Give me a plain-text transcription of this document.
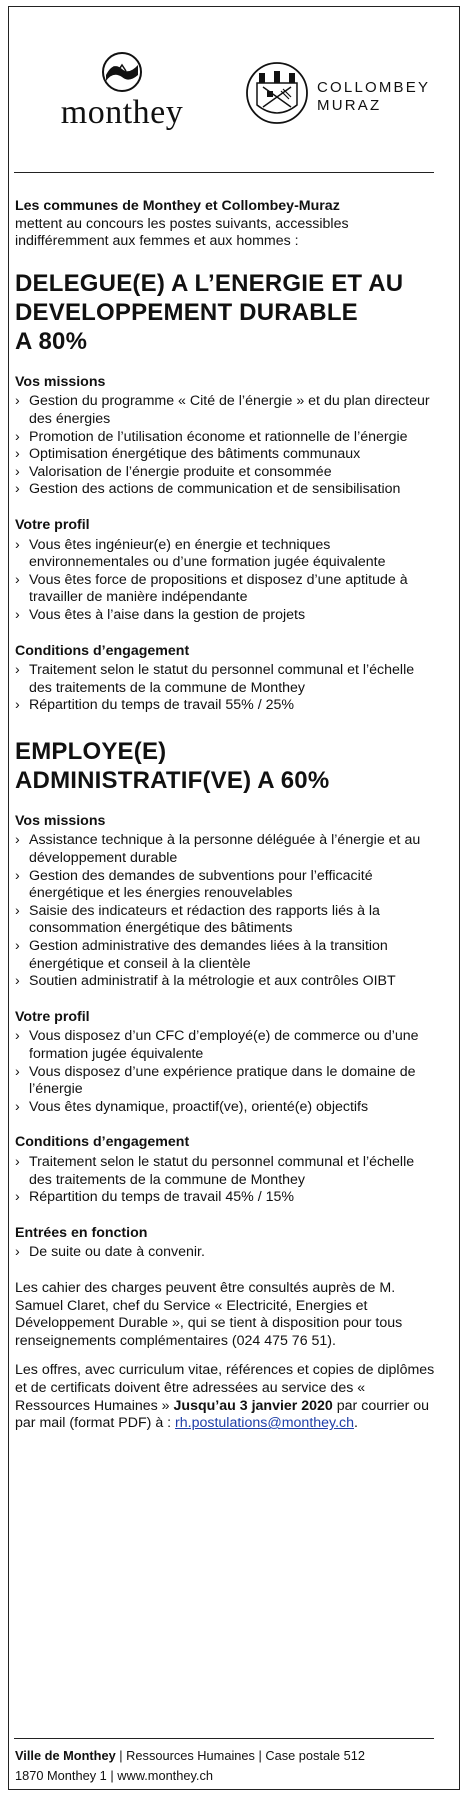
monthey
COLLOMBEY
MURAZ

Les communes de Monthey et Collombey-Muraz

mettent au concours les postes suivants, accessibles

indifféremment aux femmes et aux hommes :

DELEGUE(E) A L’ENERGIE ET AU
DEVELOPPEMENT DURABLE
A 80%
Vos missions
› Gestion du programme « Cité de l’énergie » et du plan directeur des énergies
› Promotion de l’utilisation économe et rationnelle de l’énergie
› Optimisation énergétique des bâtiments communaux
› Valorisation de l’énergie produite et consommée
› Gestion des actions de communication et de sensibilisation
Votre profil
› Vous êtes ingénieur(e) en énergie et techniques environnementales ou d’une formation jugée équivalente
› Vous êtes force de propositions et disposez d’une aptitude à travailler de manière indépendante
› Vous êtes à l’aise dans la gestion de projets
Conditions d’engagement
› Traitement selon le statut du personnel communal et l’échelle des traitements de la commune de Monthey
› Répartition du temps de travail 55% / 25%
EMPLOYE(E)
ADMINISTRATIF(VE) A 60%
Vos missions
› Assistance technique à la personne déléguée à l’énergie et au développement durable
› Gestion des demandes de subventions pour l’efficacité énergétique et les énergies renouvelables
› Saisie des indicateurs et rédaction des rapports liés à la consommation énergétique des bâtiments
› Gestion administrative des demandes liées à la transition énergétique et conseil à la clientèle
› Soutien administratif à la métrologie et aux contrôles OIBT
Votre profil
› Vous disposez d’un CFC d’employé(e) de commerce ou d’une formation jugée équivalente
› Vous disposez d’une expérience pratique dans le domaine de l’énergie
› Vous êtes dynamique, proactif(ve), orienté(e) objectifs
Conditions d’engagement
› Traitement selon le statut du personnel communal et l’échelle des traitements de la commune de Monthey
› Répartition du temps de travail 45% / 15%
Entrées en fonction
› De suite ou date à convenir.

Les cahier des charges peuvent être consultés auprès de M. Samuel Claret, chef du Service « Electricité, Energies et Développement Durable », qui se tient à disposition pour tous renseignements complémentaires (024 475 76 51).

Les offres, avec curriculum vitae, références et copies de diplômes et de certificats doivent être adressées au service des « Ressources Humaines » Jusqu’au 3 janvier 2020 par courrier ou par mail (format PDF) à : rh.postulations@monthey.ch.

Ville de Monthey | Ressources Humaines | Case postale 512
1870 Monthey 1 | www.monthey.ch
